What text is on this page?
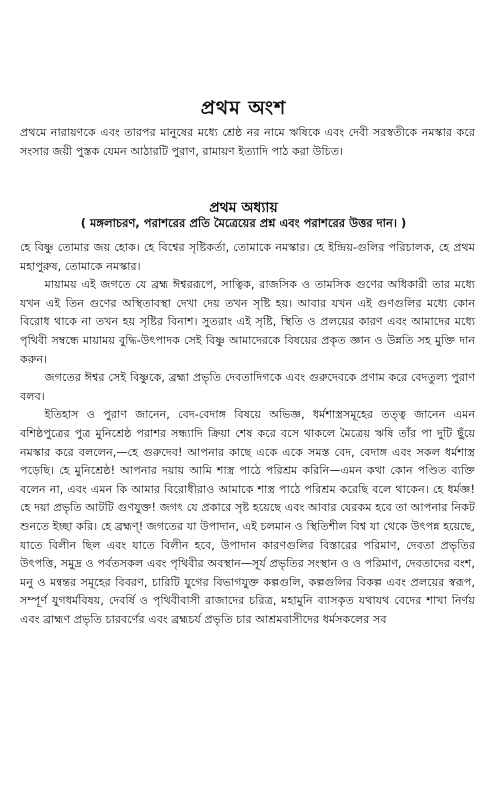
প্রথম অংশ
প্রথমে নারায়ণকে এবং তারপর মানুষের মধ্যে শ্রেষ্ঠ নর নামে ঋষিকে এবং দেবী সরস্বতীকে নমস্কার করে সংসার জয়ী পুস্তক যেমন আঠারটি পুরাণ, রামায়ণ ইত্যাদি পাঠ করা উচিত।
প্রথম অধ্যায়
( মঙ্গলাচরণ, পরাশরের প্রতি মৈত্রেয়ের প্রশ্ন এবং পরাশরের উত্তর দান। )

হে বিষ্ণু তোমার জয় হোক। হে বিশ্বের সৃষ্টিকর্তা, তোমাকে নমস্কার। হে ইন্দ্রিয়-গুলির পরিচালক, হে প্রথম মহাপুরুষ, তোমাকে নমস্কার।

মায়াময় এই জগতে যে ব্রহ্ম ঈশ্বররূপে, সাত্বিক, রাজসিক ও তামসিক গুণের অধিকারী তার মধ্যে যখন এই তিন গুণের অস্থিতাবস্থা দেখা দেয় তখন সৃষ্টি হয়। আবার যখন এই গুণগুলির মধ্যে কোন বিরোধ থাকে না তখন হয় সৃষ্টির বিনাশ। সুতরাং এই সৃষ্টি, স্থিতি ও প্রলয়ের কারণ এবং আমাদের মধ্যে পৃথিবী সম্বন্ধে মায়াময় বুদ্ধি-উৎপাদক সেই বিষ্ণু আমাদেরকে বিষয়ের প্রকৃত জ্ঞান ও উন্নতি সহ মুক্তি দান করুন।

জগতের ঈশ্বর সেই বিষ্ণুকে, ব্রহ্মা প্রভৃতি দেবতাদিগকে এবং গুরুদেবকে প্রণাম করে বেদতুল্য পুরাণ বলব।

ইতিহাস ও পুরাণ জানেন, বেদ-বেদাঙ্গ বিষয়ে অভিজ্ঞ, ধর্মশাস্ত্রসমূহের তত্ত্ব জানেন এমন বশিষ্ঠপুত্রের পুত্র মুনিশ্রেষ্ঠ পরাশর সন্ধ্যাদি ক্রিয়া শেষ করে বসে থাকলে মৈত্রেয় ঋষি তাঁর পা দুটি ছুঁয়ে নমস্কার করে বললেন,—হে গুরুদেব! আপনার কাছে একে একে সমস্ত বেদ, বেদাঙ্গ এবং সকল ধর্মশাস্ত্র পড়েছি। হে মুনিশ্রেষ্ঠ! আপনার দয়ায় আমি শাস্ত্র পাঠে পরিশ্রম করিনি—এমন কথা কোন পণ্ডিত ব্যক্তি বলেন না, এবং এমন কি আমার বিরোধীরাও আমাকে শাস্ত্র পাঠে পরিশ্রম করেছি বলে থাকেন। হে ধর্মজ্ঞ! হে দয়া প্রভৃতি আটটি গুণযুক্ত! জগৎ যে প্রকারে সৃষ্ট হয়েছে এবং আবার যেরকম হবে তা আপনার নিকট শুনতে ইচ্ছা করি। হে ব্রহ্মণ্! জগতের যা উপাদান, এই চলমান ও স্থিতিশীল বিশ্ব যা থেকে উৎপন্ন হয়েছে, যাতে বিলীন ছিল এবং যাতে বিলীন হবে, উপাদান কারণগুলির বিস্তারের পরিমাণ, দেবতা প্রভৃতির উৎপত্তি, সমুদ্র ও পর্বতসকল এবং পৃথিবীর অবস্থান—সূর্য প্রভৃতির সংস্থান ও ও পরিমাণ, দেবতাদের বংশ, মনু ও মন্বন্তর সমূহের বিবরণ, চারিটি যুগের বিভাগযুক্ত কল্পগুলি, কল্পগুলির বিকল্প এবং প্রলয়ের স্বরূপ, সম্পূর্ণ যুগধর্মবিষয়, দেবর্ষি ও পৃথিবীবাসী রাজাদের চরিত্র, মহামুনি ব্যাসকৃত যথাযথ বেদের শাখা নির্ণয় এবং ব্রাহ্মণ প্রভৃতি চারবর্ণের এবং ব্রহ্মচর্য প্রভৃতি চার আশ্রমবাসীদের ধর্মসকলের সব
